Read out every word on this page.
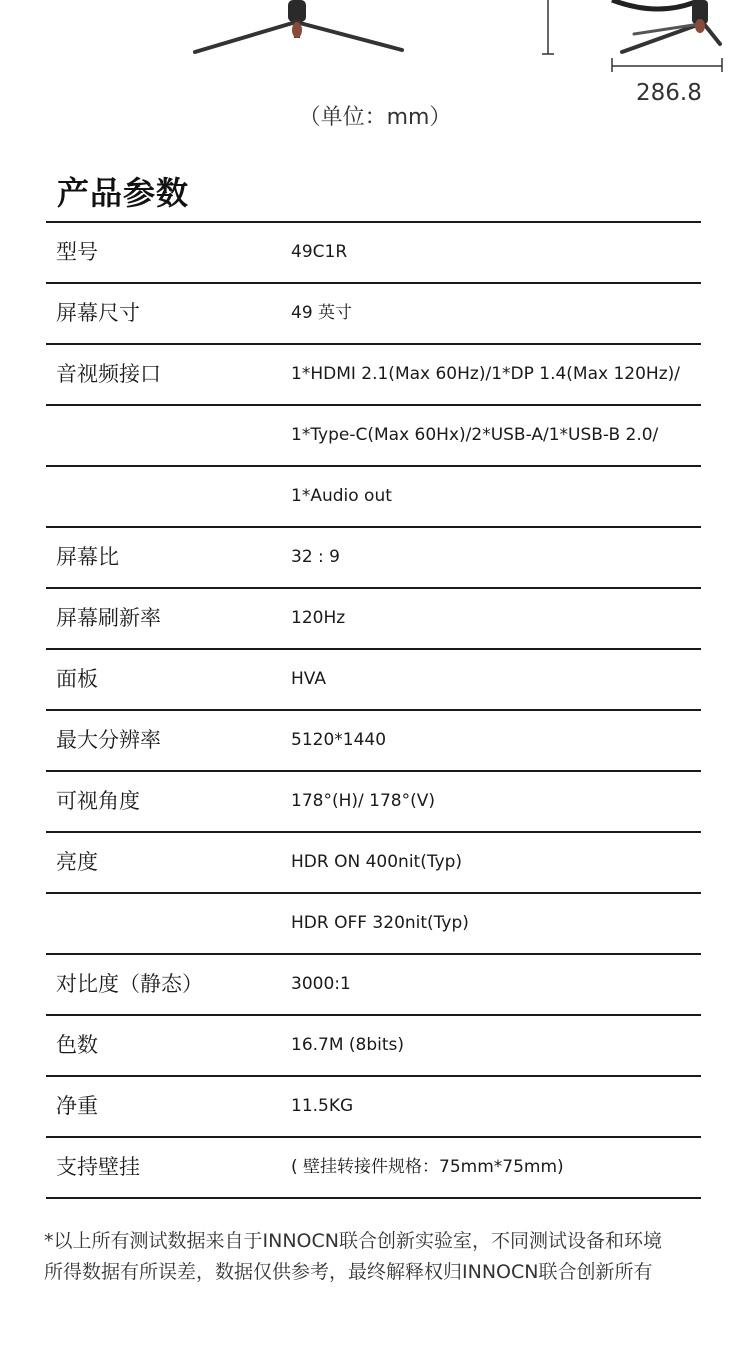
286.8
（单位：mm）
产品参数
型号	49C1R
屏幕尺寸	49 英寸
音视频接口	1*HDMI 2.1(Max 60Hz)/1*DP 1.4(Max 120Hz)/
1*Type-C(Max 60Hx)/2*USB-A/1*USB-B 2.0/
1*Audio out
屏幕比	32 : 9
屏幕刷新率	120Hz
面板	HVA
最大分辨率	5120*1440
可视角度	178°(H)/ 178°(V)
亮度	HDR ON 400nit(Typ)
HDR OFF 320nit(Typ)
对比度（静态）	3000:1
色数	16.7M (8bits)
净重	11.5KG
支持壁挂	( 壁挂转接件规格：75mm*75mm)
*以上所有测试数据来自于INNOCN联合创新实验室，不同测试设备和环境
所得数据有所误差，数据仅供参考，最终解释权归INNOCN联合创新所有
